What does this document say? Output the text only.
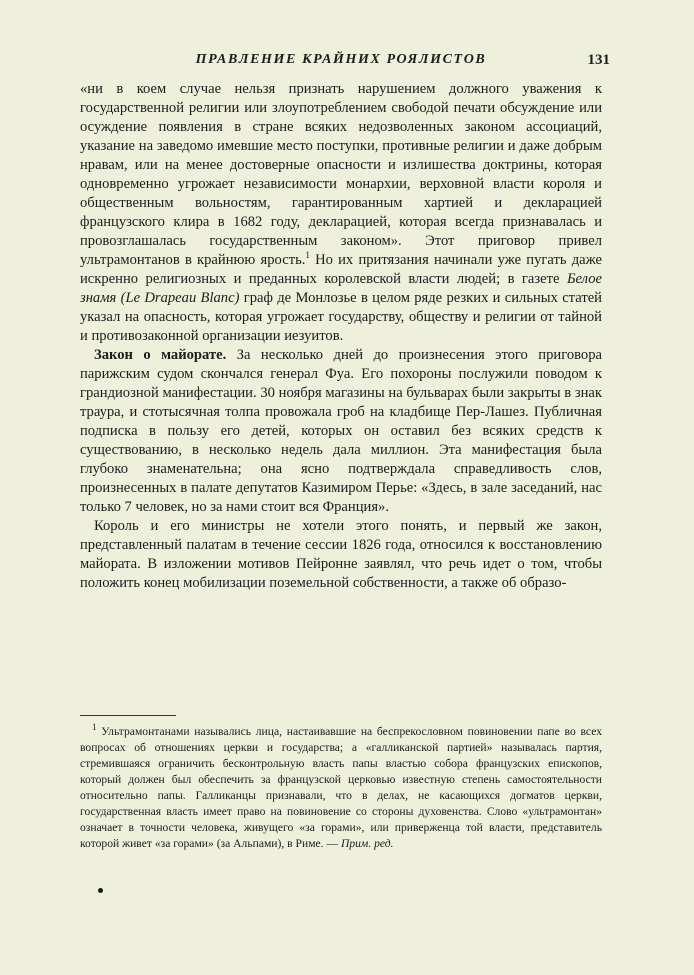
ПРАВЛЕНИЕ КРАЙНИХ РОЯЛИСТОВ	131

«ни в коем случае нельзя признать нарушением должного уважения к государственной религии или злоупотреблением свободой печати обсуждение или осуждение появления в стране всяких недозволенных законом ассоциаций, указание на заведомо имевшие место поступки, противные религии и даже добрым нравам, или на менее достоверные опасности и излишества доктрины, которая одновременно угрожает независимости монархии, верховной власти короля и общественным вольностям, гарантированным хартией и декларацией французского клира в 1682 году, декларацией, которая всегда признавалась и провозглашалась государственным законом». Этот приговор привел ультрамонтанов в крайнюю ярость.$^1$ Но их притязания начинали уже пугать даже искренно религиозных и преданных королевской власти людей; в газете Белое знамя (Le Drapeau Blanc) граф де Монлозье в целом ряде резких и сильных статей указал на опасность, которая угрожает государству, обществу и религии от тайной и противозаконной организации иезуитов.

Закон о майорате. За несколько дней до произнесения этого приговора парижским судом скончался генерал Фуа. Его похороны послужили поводом к грандиозной манифестации. 30 ноября магазины на бульварах были закрыты в знак траура, и стотысячная толпа провожала гроб на кладбище Пер-Лашез. Публичная подписка в пользу его детей, которых он оставил без всяких средств к существованию, в несколько недель дала миллион. Эта манифестация была глубоко знаменательна; она ясно подтверждала справедливость слов, произнесенных в палате депутатов Казимиром Перье: «Здесь, в зале заседаний, нас только 7 человек, но за нами стоит вся Франция».

Король и его министры не хотели этого понять, и первый же закон, представленный палатам в течение сессии 1826 года, относился к восстановлению майората. В изложении мотивов Пейронне заявлял, что речь идет о том, чтобы положить конец мобилизации поземельной собственности, а также об образо-

$^1$ Ультрамонтанами назывались лица, настаивавшие на беспрекословном повиновении папе во всех вопросах об отношениях церкви и государства; а «галликанской партией» называлась партия, стремившаяся ограничить бесконтрольную власть папы властью собора французских епископов, который должен был обеспечить за французской церковью известную степень самостоятельности относительно папы. Галликанцы признавали, что в делах, не касающихся догматов церкви, государственная власть имеет право на повиновение со стороны духовенства. Слово «ультрамонтан» означает в точности человека, живущего «за горами», или приверженца той власти, представитель которой живет «за горами» (за Альпами), в Риме. — Прим. ред.
